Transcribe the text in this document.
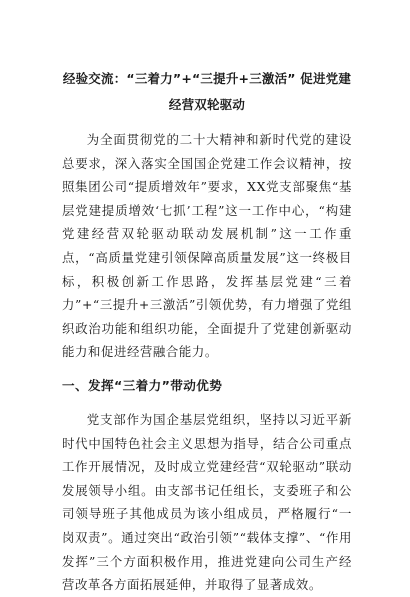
经验交流：“三着力”+“三提升+三激活” 促进党建经营双轮驱动

为全面贯彻党的二十大精神和新时代党的建设总要求，深入落实全国国企党建工作会议精神，按照集团公司“提质增效年”要求，XX党支部聚焦“基层党建提质增效‘七抓’工程”这一工作中心，“构建党建经营双轮驱动联动发展机制”这一工作重点，“高质量党建引领保障高质量发展”这一终极目标，积极创新工作思路，发挥基层党建“三着力”+“三提升+三激活”引领优势，有力增强了党组织政治功能和组织功能，全面提升了党建创新驱动能力和促进经营融合能力。

一、发挥“三着力”带动优势

党支部作为国企基层党组织，坚持以习近平新时代中国特色社会主义思想为指导，结合公司重点工作开展情况，及时成立党建经营“双轮驱动”联动发展领导小组。由支部书记任组长，支委班子和公司领导班子其他成员为该小组成员，严格履行“一岗双责”。通过突出“政治引领”“载体支撑”、“作用发挥”三个方面积极作用，推进党建向公司生产经营改革各方面拓展延伸，并取得了显著成效。
